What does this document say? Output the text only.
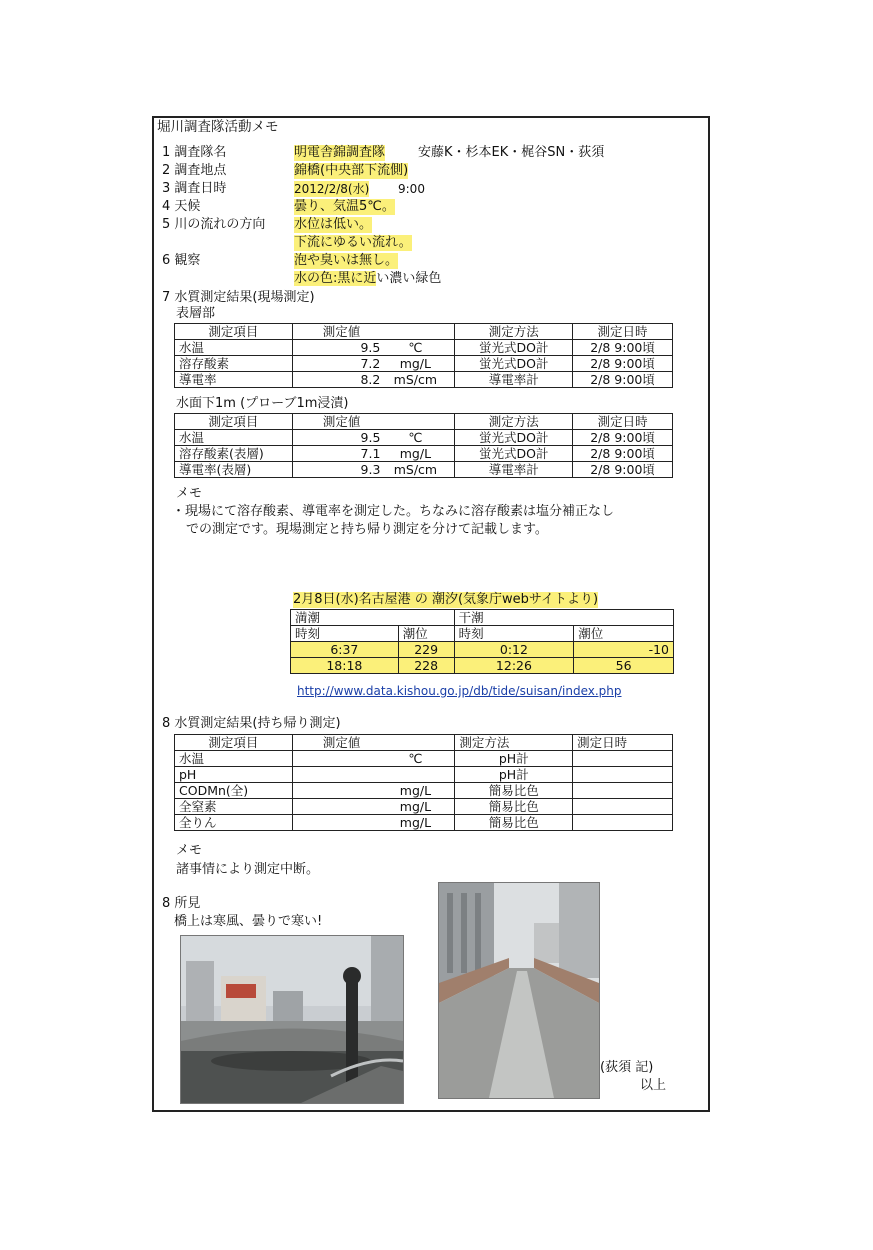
堀川調査隊活動メモ
1 調査隊名	明電舎錦調査隊	安藤K・杉本EK・梶谷SN・荻須
2 調査地点	錦橋(中央部下流側)
3 調査日時	2012/2/8(水) 9:00
4 天候	曇り、気温5℃。
5 川の流れの方向 水位は低い。
下流にゆるい流れ。
6 観察	泡や臭いは無し。
水の色:黒に近い濃い緑色
7 水質測定結果(現場測定)
表層部
測定項目	測定値	測定方法	測定日時
水温	9.5 ℃	蛍光式DO計	2/8 9:00頃
溶存酸素	7.2 mg/L	蛍光式DO計	2/8 9:00頃
導電率	8.2 mS/cm	導電率計	2/8 9:00頃
水面下1m (プローブ1m浸漬)
測定項目	測定値	測定方法	測定日時
水温	9.5 ℃	蛍光式DO計	2/8 9:00頃
溶存酸素(表層)	7.1 mg/L	蛍光式DO計	2/8 9:00頃
導電率(表層)	9.3 mS/cm	導電率計	2/8 9:00頃
メモ
・現場にて溶存酸素、導電率を測定した。ちなみに溶存酸素は塩分補正なし
での測定です。現場測定と持ち帰り測定を分けて記載します。
2月8日(水)名古屋港 の 潮汐(気象庁webサイトより)
満潮		干潮	
時刻	潮位	時刻	潮位
6:37	229	0:12	-10
18:18	228	12:26	56
http://www.data.kishou.go.jp/db/tide/suisan/index.php
8 水質測定結果(持ち帰り測定)
測定項目	測定値	測定方法	測定日時
水温	℃	pH計	
pH		pH計	
CODMn(全)	mg/L	簡易比色	
全窒素	mg/L	簡易比色	
全りん	mg/L	簡易比色	
メモ
諸事情により測定中断。
8 所見
橋上は寒風、曇りで寒い!
(荻須 記)
以上
